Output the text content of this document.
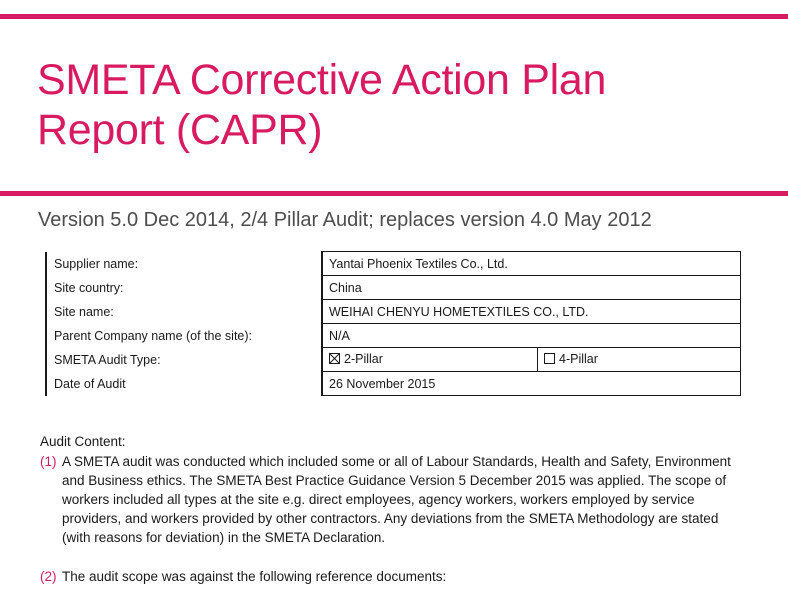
SMETA Corrective Action Plan
Report (CAPR)
Version 5.0 Dec 2014, 2/4 Pillar Audit; replaces version 4.0 May 2012
Supplier name:	Yantai Phoenix Textiles Co., Ltd.	
Site country:	China	
Site name:	WEIHAI CHENYU HOMETEXTILES CO., LTD.	
Parent Company name (of the site):	N/A	
SMETA Audit Type:	2-Pillar	4-Pillar

Date of Audit	26 November 2015	
Audit Content:
(1) A SMETA audit was conducted which included some or all of Labour Standards, Health and Safety, Environment and Business ethics. The SMETA Best Practice Guidance Version 5 December 2015 was applied. The scope of workers included all types at the site e.g. direct employees, agency workers, workers employed by service providers, and workers provided by other contractors. Any deviations from the SMETA Methodology are stated (with reasons for deviation) in the SMETA Declaration.
(2) The audit scope was against the following reference documents:
